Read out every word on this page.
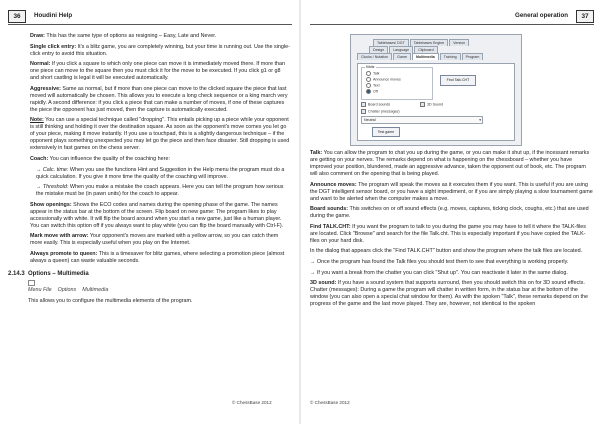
36	Houdini Help

Draw: This has the same type of options as resigning – Easy, Late and Never.

Single click entry: It's a blitz game, you are completely winning, but your time is running out. Use the single-click entry to avoid this situation.

Normal: If you click a square to which only one piece can move it is immediately moved there. If more than one piece can move to the square then you must click it for the move to be executed. If you click g1 or g8 and short castling is legal it will be executed automatically.

Aggressive: Same as normal, but if more than one piece can move to the clicked square the piece that last moved will automatically be chosen. This allows you to execute a long check sequence or a king march very rapidly. A second difference: if you click a piece that can make a number of moves, if one of these captures the piece the opponent has just moved, then the capture is automatically executed.

Note: You can use a special technique called "dropping". This entails picking up a piece while your opponent is still thinking and holding it over the destination square. As soon as the opponent's move comes you let go of your piece, making it move instantly. If you use a touchpad, this is a slightly dangerous technique – if the opponent plays something unexpected you may let go the piece and then face disaster. Still dropping is used extensively in fast games on the chess server.

Coach: You can influence the quality of the coaching here:

→ Calc. time: When you use the functions Hint and Suggestion in the Help menu the program must do a quick calculation. If you give it more time the quality of the coaching will improve.

→ Threshold: When you make a mistake the coach appears. Here you can tell the program how serious the mistake must be (in pawn units) for the coach to appear.

Show openings: Shows the ECO codes and names during the opening phase of the game. The names appear in the status bar at the bottom of the screen. Flip board on new game: The program likes to play accessionally with white. It will flip the board around when you start a new game, just like a human player. You can switch this option off if you always want to play white (you can flip the board manually with Ctrl-F).

Mark move with arrow: Your opponent's moves are marked with a yellow arrow, so you can catch them more easily. This is especially useful when you play on the Internet.

Always promote to queen: This is a timesaver for blitz games, where selecting a promotion piece (almost always a queen) can waste valuable seconds.

2.14.3 Options – Multimedia
Menu File Options Multimedia
This allows you to configure the multimedia elements of the program.
© ChessBase 2012
General operation	37
Tablebases/ DGT	Tablebases Engine	Version
Design	Language	Clipboard
Clocks / Notation	Game	Multimedia	Training	Program
Kibitz
Talk
Announce moves
Text
Off
Find Talk.CHT
Board sounds	3D Sound
Chatter (messages)
Neutral	▾
Test game

Talk: You can allow the program to chat you up during the game, or you can make it shut up, if the incessant remarks are getting on your nerves. The remarks depend on what is happening on the chessboard – whether you have improved your position, blundered, made an aggressive advance, taken the opponent out of book, etc. The program will also comment on the opening that is being played.

Announce moves: The program will speak the moves as it executes them if you want. This is useful if you are using the DGT intelligent sensor board, or you have a sight impediment, or if you are simply playing a slow tournament game and want to be alerted when the computer makes a move.

Board sounds: This switches on or off sound effects (e.g. moves, captures, ticking clock, coughs, etc.) that are used during the game.

Find TALK.CHT: If you want the program to talk to you during the game you may have to tell it where the TALK-files are located. Click "Browse" and search for the file Talk.cht. This is especially important if you have copied the TALK-files on your hard disk.

In the dialog that appears click the "Find TALK.CHT" button and show the program where the talk files are located.

→ Once the program has found the Talk files you should test them to see that everything is working properly.

→ If you want a break from the chatter you can click "Shut up". You can reactivate it later in the same dialog.

3D sound: If you have a sound system that supports surround, then you should switch this on for 3D sound effects. Chatter (messages): During a game the program will chatter in written form, in the status bar at the bottom of the window (you can also open a special chat window for them). As with the spoken "Talk", these remarks depend on the progress of the game and the last move played. They are, however, not identical to the spoken

© ChessBase 2012
